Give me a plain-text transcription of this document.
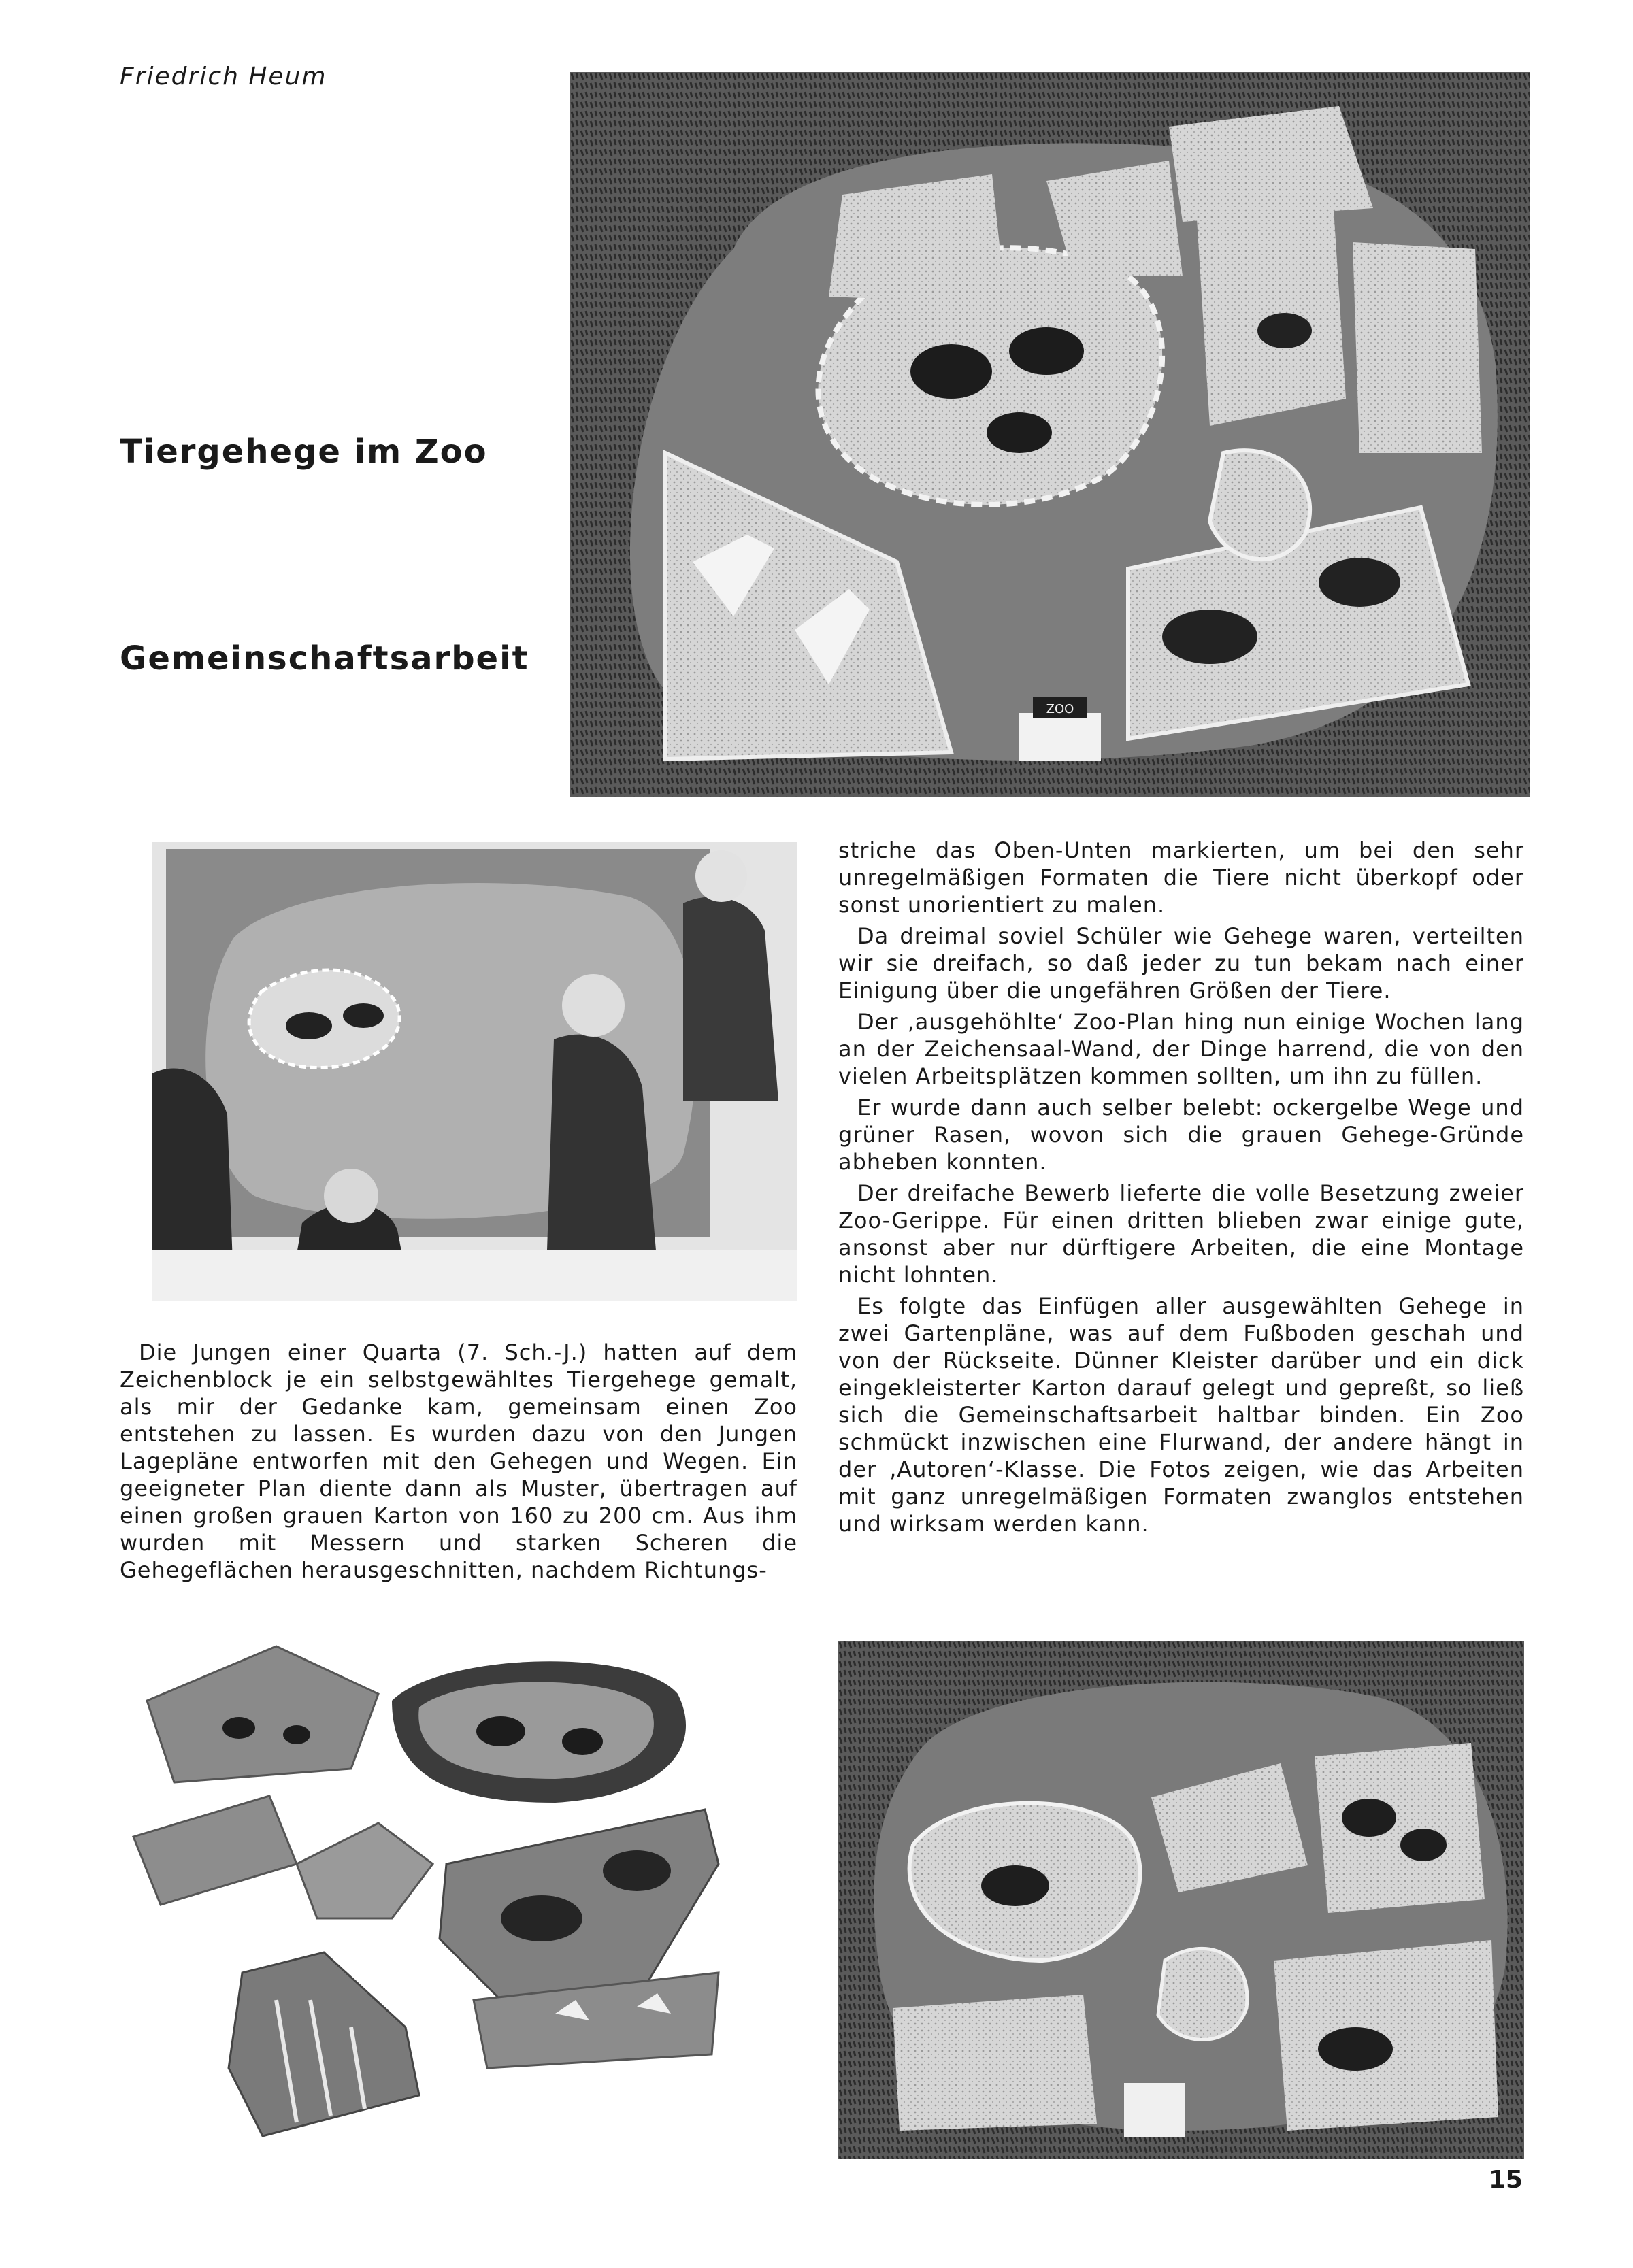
Friedrich Heum
Tiergehege im Zoo
Gemeinschaftsarbeit
ZOO

Die Jungen einer Quarta (7. Sch.-J.) hatten auf dem Zeichenblock je ein selbstgewähltes Tiergehege gemalt, als mir der Gedanke kam, gemeinsam einen Zoo entstehen zu lassen. Es wurden dazu von den Jungen Lagepläne entworfen mit den Gehegen und Wegen. Ein geeigneter Plan diente dann als Muster, übertragen auf einen großen grauen Karton von 160 zu 200 cm. Aus ihm wurden mit Messern und starken Scheren die Gehegeflächen herausgeschnitten, nachdem Richtungs-

striche das Oben-Unten markierten, um bei den sehr unregelmäßigen Formaten die Tiere nicht überkopf oder sonst unorientiert zu malen.

Da dreimal soviel Schüler wie Gehege waren, verteilten wir sie dreifach, so daß jeder zu tun bekam nach einer Einigung über die ungefähren Größen der Tiere.

Der ‚ausgehöhlte‘ Zoo-Plan hing nun einige Wochen lang an der Zeichensaal-Wand, der Dinge harrend, die von den vielen Arbeitsplätzen kommen sollten, um ihn zu füllen.

Er wurde dann auch selber belebt: ockergelbe Wege und grüner Rasen, wovon sich die grauen Gehege-Gründe abheben konnten.

Der dreifache Bewerb lieferte die volle Besetzung zweier Zoo-Gerippe. Für einen dritten blieben zwar einige gute, ansonst aber nur dürftigere Arbeiten, die eine Montage nicht lohnten.

Es folgte das Einfügen aller ausgewählten Gehege in zwei Gartenpläne, was auf dem Fußboden geschah und von der Rückseite. Dünner Kleister darüber und ein dick eingekleisterter Karton darauf gelegt und gepreßt, so ließ sich die Gemeinschaftsarbeit haltbar binden. Ein Zoo schmückt inzwischen eine Flurwand, der andere hängt in der ‚Autoren‘-Klasse. Die Fotos zeigen, wie das Arbeiten mit ganz unregelmäßigen Formaten zwanglos entstehen und wirksam werden kann.

15
